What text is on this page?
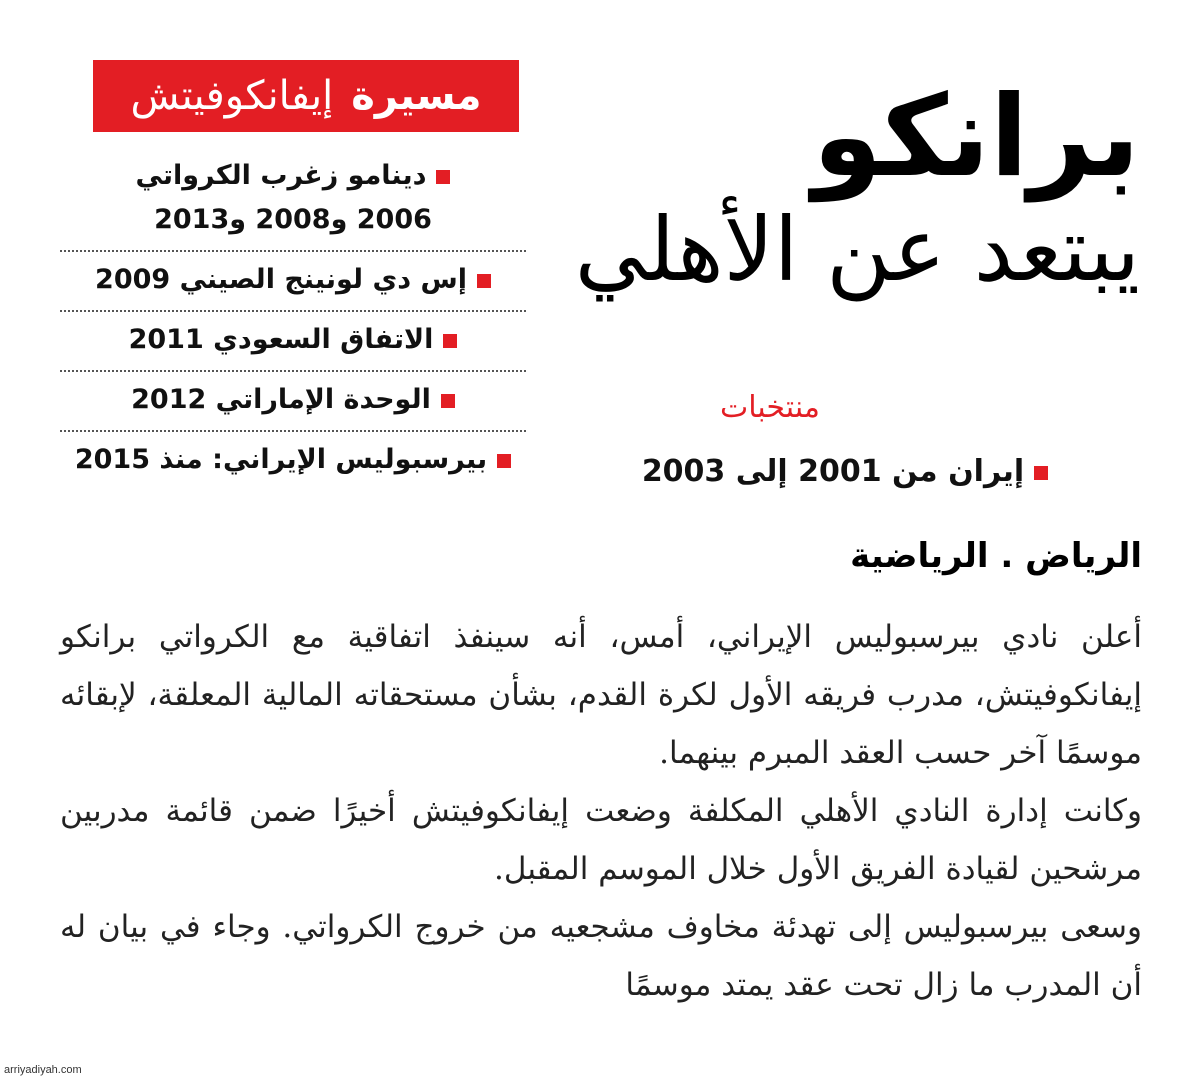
برانكو
يبتعد عن الأهلي
مسيرة
إيفانكوفيتش
دينامو زغرب الكرواتي
2006 و2008 و2013
إس دي لونينج الصيني 2009
الاتفاق السعودي 2011
الوحدة الإماراتي 2012
بيرسبوليس الإيراني: منذ 2015
منتخبات
إيران من 2001 إلى 2003
الرياض . الرياضية

أعلن نادي بيرسبوليس الإيراني، أمس، أنه سينفذ اتفاقية مع الكرواتي برانكو إيفانكوفيتش، مدرب فريقه الأول لكرة القدم، بشأن مستحقاته المالية المعلقة، لإبقائه موسمًا آخر حسب العقد المبرم بينهما.

وكانت إدارة النادي الأهلي المكلفة وضعت إيفانكوفيتش أخيرًا ضمن قائمة مدربين مرشحين لقيادة الفريق الأول خلال الموسم المقبل.

وسعى بيرسبوليس إلى تهدئة مخاوف مشجعيه من خروج الكرواتي. وجاء في بيان له أن المدرب ما زال تحت عقد يمتد موسمًا

arriyadiyah.com
